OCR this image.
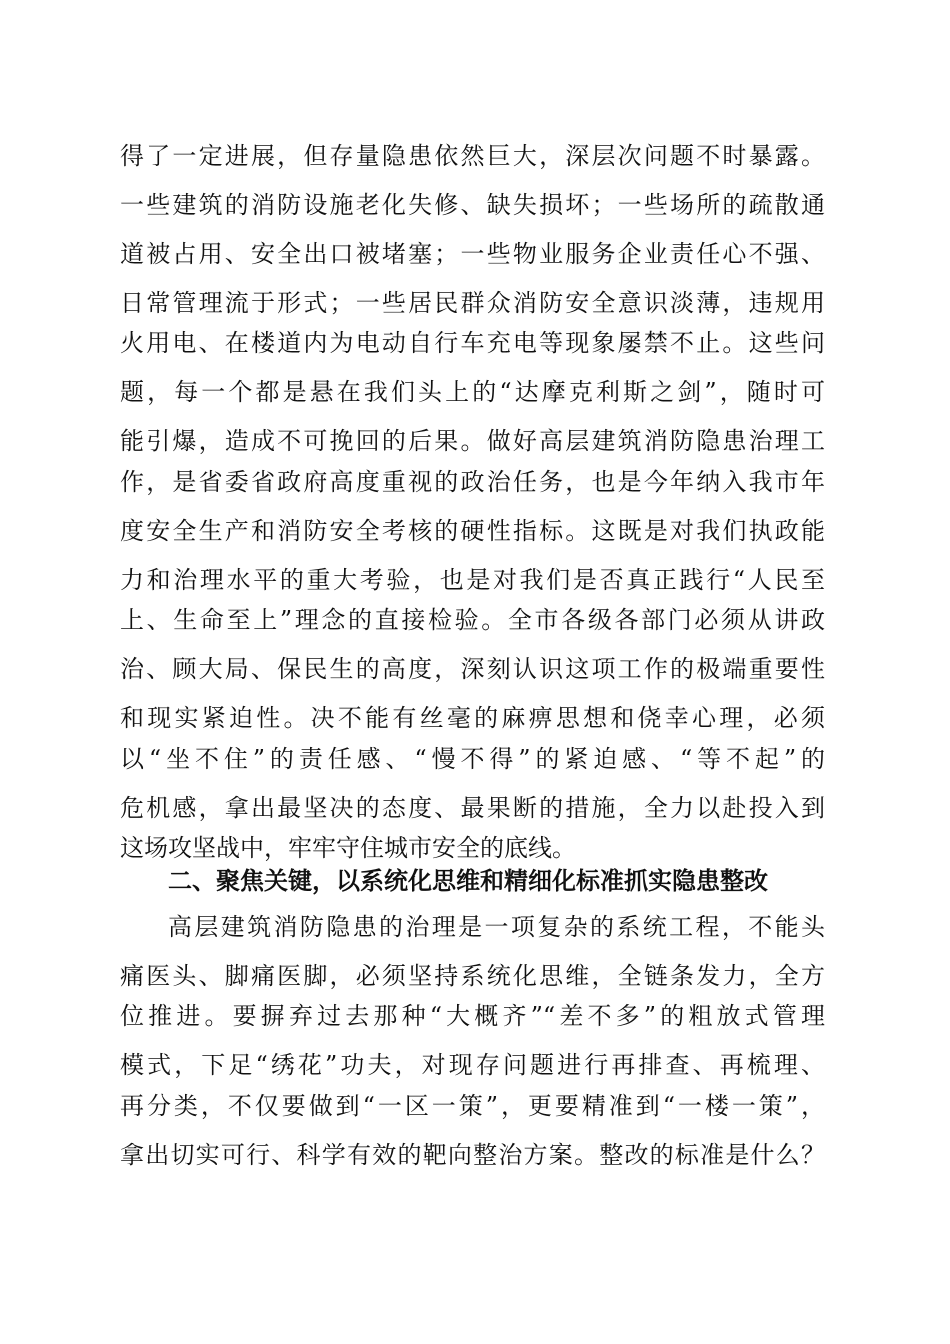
得了一定进展，但存量隐患依然巨大，深层次问题不时暴露。
一些建筑的消防设施老化失修、缺失损坏；一些场所的疏散通
道被占用、安全出口被堵塞；一些物业服务企业责任心不强、
日常管理流于形式；一些居民群众消防安全意识淡薄，违规用
火用电、在楼道内为电动自行车充电等现象屡禁不止。这些问
题，每一个都是悬在我们头上的“达摩克利斯之剑”，随时可
能引爆，造成不可挽回的后果。做好高层建筑消防隐患治理工
作，是省委省政府高度重视的政治任务，也是今年纳入我市年
度安全生产和消防安全考核的硬性指标。这既是对我们执政能
力和治理水平的重大考验，也是对我们是否真正践行“人民至
上、生命至上”理念的直接检验。全市各级各部门必须从讲政
治、顾大局、保民生的高度，深刻认识这项工作的极端重要性
和现实紧迫性。决不能有丝毫的麻痹思想和侥幸心理，必须
以“坐不住”的责任感、“慢不得”的紧迫感、“等不起”的
危机感，拿出最坚决的态度、最果断的措施，全力以赴投入到
这场攻坚战中，牢牢守住城市安全的底线。
二、聚焦关键，以系统化思维和精细化标准抓实隐患整改
高层建筑消防隐患的治理是一项复杂的系统工程，不能头
痛医头、脚痛医脚，必须坚持系统化思维，全链条发力，全方
位推进。要摒弃过去那种“大概齐”“差不多”的粗放式管理
模式，下足“绣花”功夫，对现存问题进行再排查、再梳理、
再分类，不仅要做到“一区一策”，更要精准到“一楼一策”，
拿出切实可行、科学有效的靶向整治方案。整改的标准是什么？
